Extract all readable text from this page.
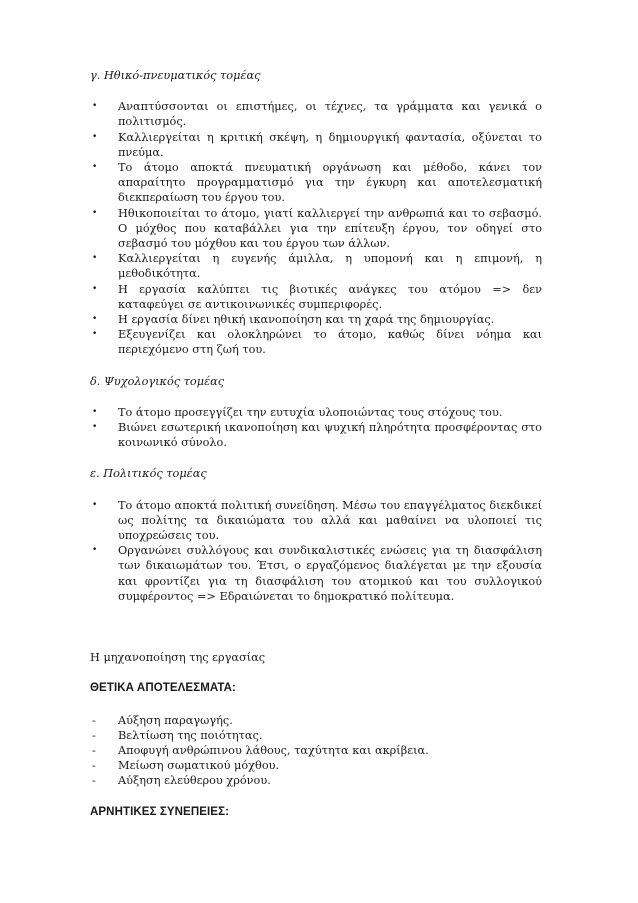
γ. Ηθικό-πνευματικός τομέας

• Αναπτύσσονται οι επιστήμες, οι τέχνες, τα γράμματα και γενικά ο πολιτισμός.
• Καλλιεργείται η κριτική σκέψη, η δημιουργική φαντασία, οξύνεται το πνεύμα.
• Το άτομο αποκτά πνευματική οργάνωση και μέθοδο, κάνει τον απαραίτητο προγραμματισμό για την έγκυρη και αποτελεσματική διεκπεραίωση του έργου του.
• Ηθικοποιείται το άτομο, γιατί καλλιεργεί την ανθρωπιά και το σεβασμό. Ο μόχθος που καταβάλλει για την επίτευξη έργου, τον οδηγεί στο σεβασμό του μόχθου και του έργου των άλλων.
• Καλλιεργείται η ευγενής άμιλλα, η υπομονή και η επιμονή, η μεθοδικότητα.
• Η εργασία καλύπτει τις βιοτικές ανάγκες του ατόμου => δεν καταφεύγει σε αντικοινωνικές συμπεριφορές.
• Η εργασία δίνει ηθική ικανοποίηση και τη χαρά της δημιουργίας.
• Εξευγενίζει και ολοκληρώνει το άτομο, καθώς δίνει νόημα και περιεχόμενο στη ζωή του.

δ. Ψυχολογικός τομέας

• Το άτομο προσεγγίζει την ευτυχία υλοποιώντας τους στόχους του.
• Βιώνει εσωτερική ικανοποίηση και ψυχική πληρότητα προσφέροντας στο κοινωνικό σύνολο.

ε. Πολιτικός τομέας

• Το άτομο αποκτά πολιτική συνείδηση. Μέσω του επαγγέλματος διεκδικεί ως πολίτης τα δικαιώματα του αλλά και μαθαίνει να υλοποιεί τις υποχρεώσεις του.
• Οργανώνει συλλόγους και συνδικαλιστικές ενώσεις για τη διασφάλιση των δικαιωμάτων του. Έτσι, ο εργαζόμενος διαλέγεται με την εξουσία και φροντίζει για τη διασφάλιση του ατομικού και του συλλογικού συμφέροντος => Εδραιώνεται το δημοκρατικό πολίτευμα.

Η μηχανοποίηση της εργασίας

ΘΕΤΙΚΑ ΑΠΟΤΕΛΕΣΜΑΤΑ:

- Αύξηση παραγωγής.
- Βελτίωση της ποιότητας.
- Αποφυγή ανθρώπινου λάθους, ταχύτητα και ακρίβεια.
- Μείωση σωματικού μόχθου.
- Αύξηση ελεύθερου χρόνου.

ΑΡΝΗΤΙΚΕΣ ΣΥΝΕΠΕΙΕΣ:
